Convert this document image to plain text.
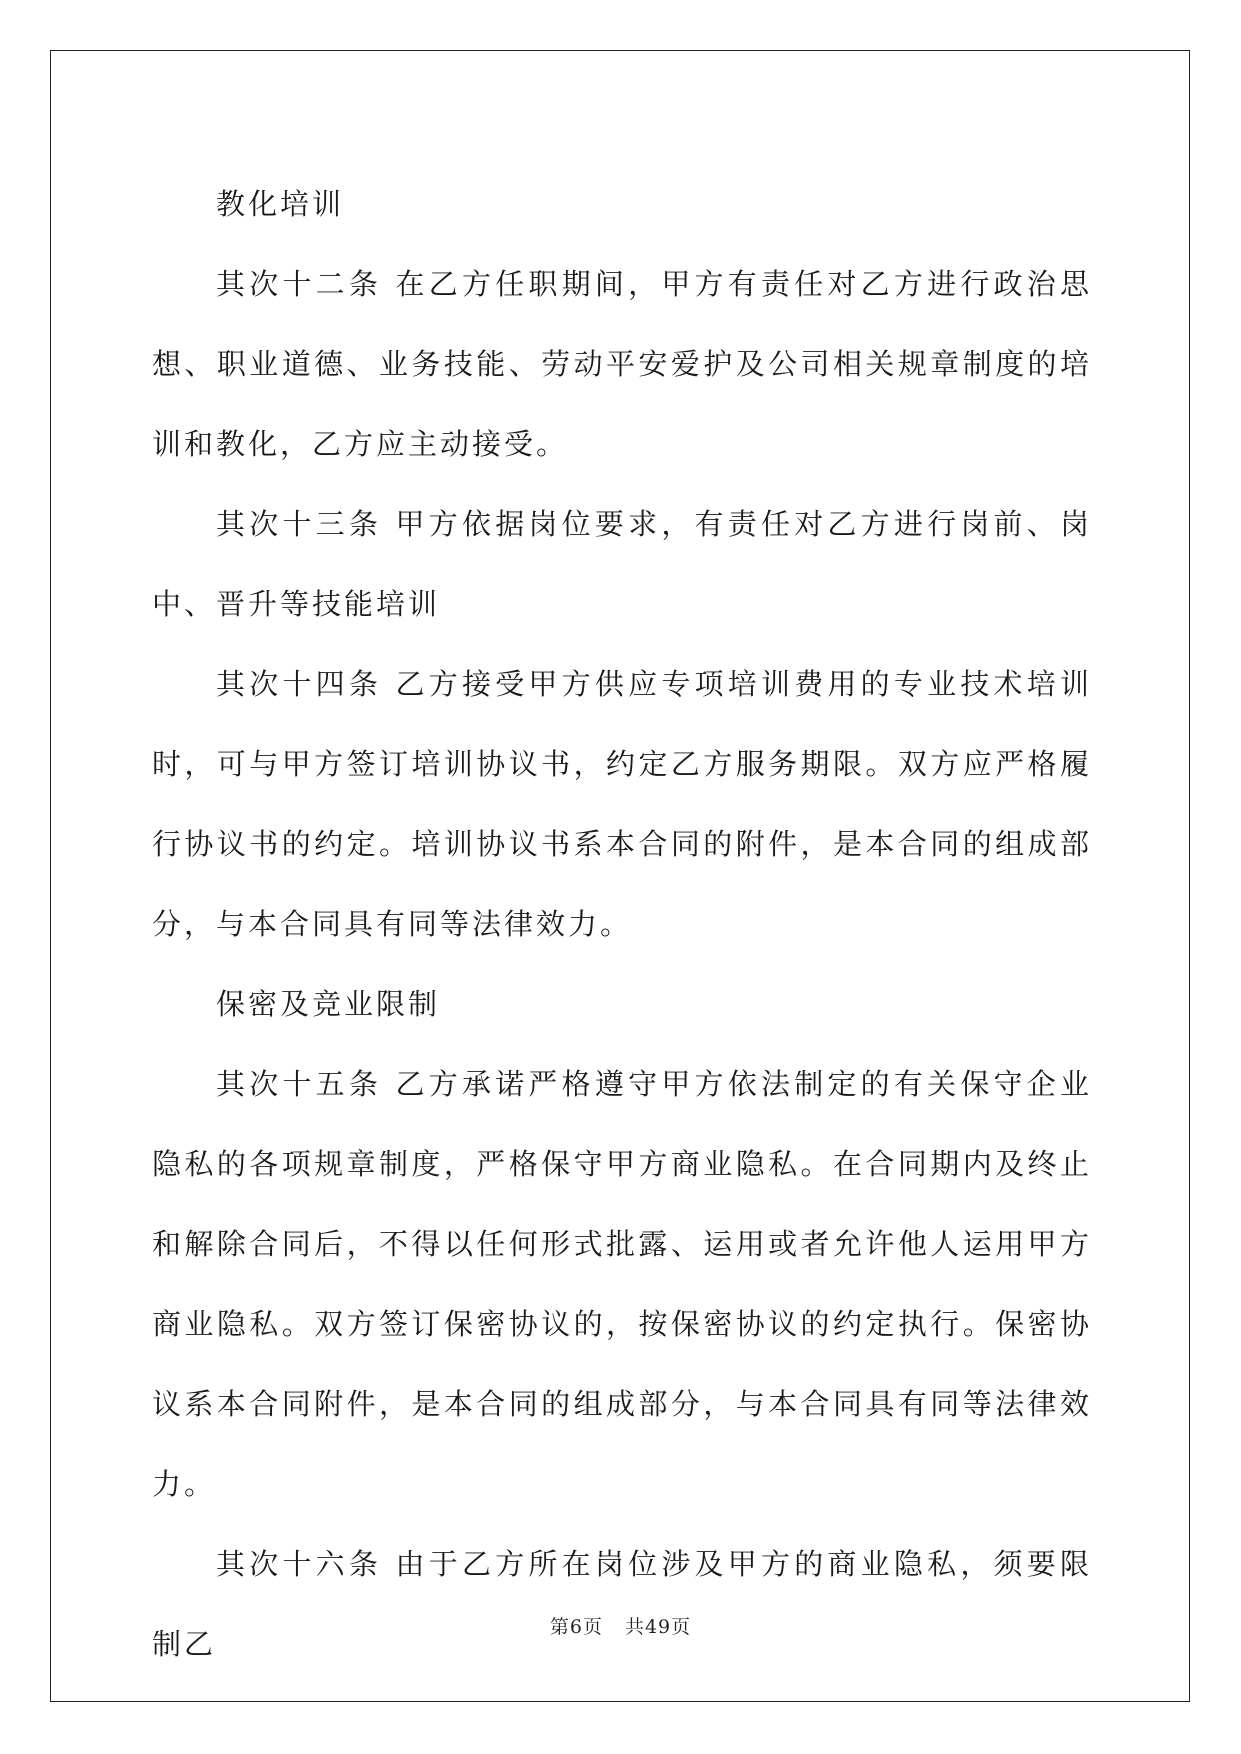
教化培训

其次十二条 在乙方任职期间，甲方有责任对乙方进行政治思想、职业道德、业务技能、劳动平安爱护及公司相关规章制度的培训和教化，乙方应主动接受。

其次十三条 甲方依据岗位要求，有责任对乙方进行岗前、岗中、晋升等技能培训

其次十四条 乙方接受甲方供应专项培训费用的专业技术培训时，可与甲方签订培训协议书，约定乙方服务期限。双方应严格履行协议书的约定。培训协议书系本合同的附件，是本合同的组成部分，与本合同具有同等法律效力。

保密及竞业限制

其次十五条 乙方承诺严格遵守甲方依法制定的有关保守企业隐私的各项规章制度，严格保守甲方商业隐私。在合同期内及终止和解除合同后，不得以任何形式批露、运用或者允许他人运用甲方商业隐私。双方签订保密协议的，按保密协议的约定执行。保密协议系本合同附件，是本合同的组成部分，与本合同具有同等法律效力。

其次十六条 由于乙方所在岗位涉及甲方的商业隐私，须要限制乙	第6页 共49页
